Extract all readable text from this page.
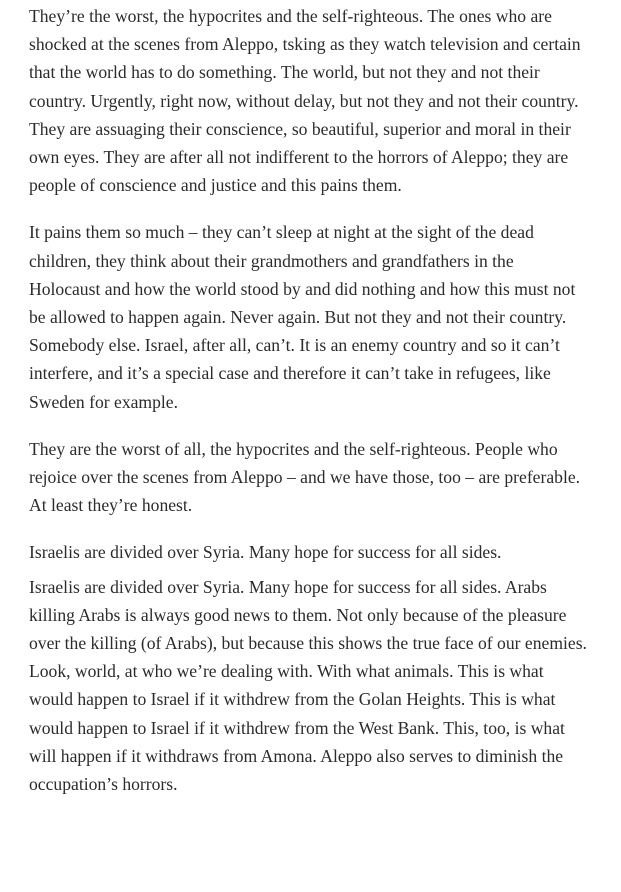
They’re the worst, the hypocrites and the self-righteous. The ones who are shocked at the scenes from Aleppo, tsking as they watch television and certain that the world has to do something. The world, but not they and not their country. Urgently, right now, without delay, but not they and not their country. They are assuaging their conscience, so beautiful, superior and moral in their own eyes. They are after all not indifferent to the horrors of Aleppo; they are people of conscience and justice and this pains them.

It pains them so much – they can’t sleep at night at the sight of the dead children, they think about their grandmothers and grandfathers in the Holocaust and how the world stood by and did nothing and how this must not be allowed to happen again. Never again. But not they and not their country. Somebody else. Israel, after all, can’t. It is an enemy country and so it can’t interfere, and it’s a special case and therefore it can’t take in refugees, like Sweden for example.

They are the worst of all, the hypocrites and the self-righteous. People who rejoice over the scenes from Aleppo – and we have those, too – are preferable. At least they’re honest.

Israelis are divided over Syria. Many hope for success for all sides.

Israelis are divided over Syria. Many hope for success for all sides. Arabs killing Arabs is always good news to them. Not only because of the pleasure over the killing (of Arabs), but because this shows the true face of our enemies. Look, world, at who we’re dealing with. With what animals. This is what would happen to Israel if it withdrew from the Golan Heights. This is what would happen to Israel if it withdrew from the West Bank. This, too, is what will happen if it withdraws from Amona. Aleppo also serves to diminish the occupation’s horrors.
